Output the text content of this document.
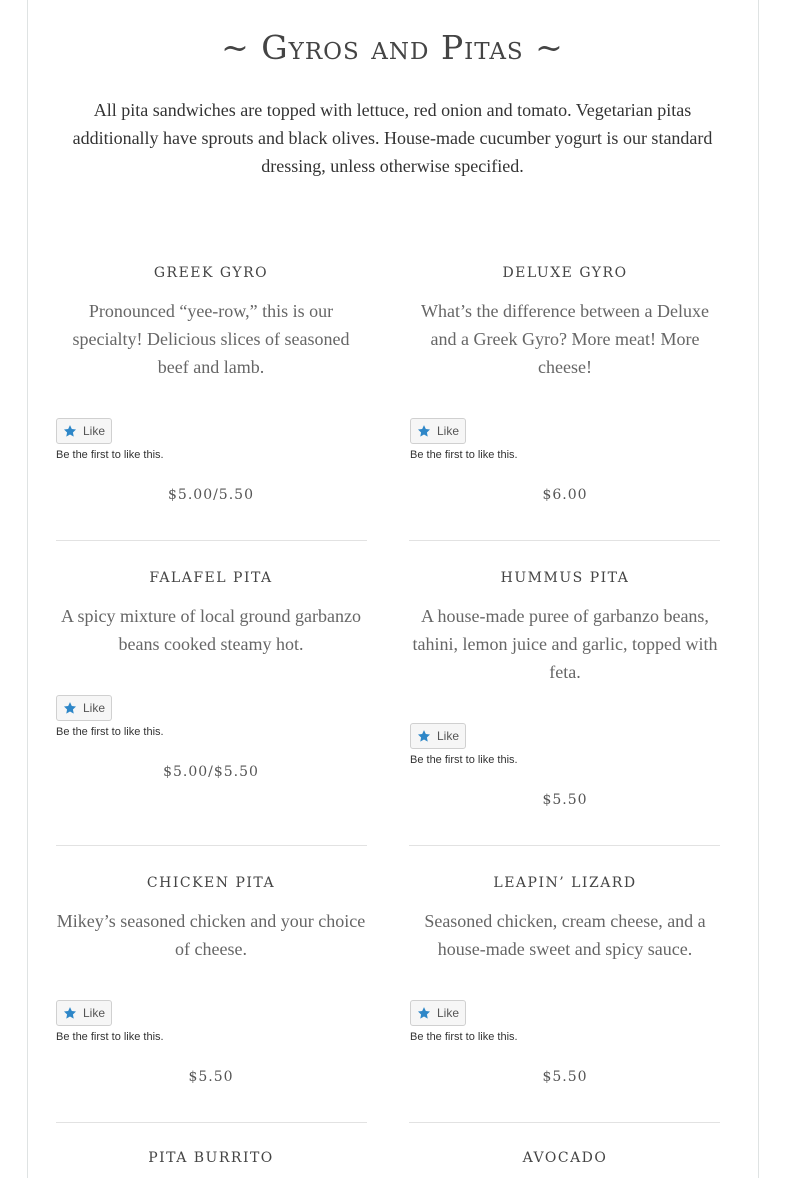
~ Gyros and Pitas ~

All pita sandwiches are topped with lettuce, red onion and tomato. Vegetarian pitas additionally have sprouts and black olives. House-made cucumber yogurt is our standard dressing, unless otherwise specified.

GREEK GYRO
Pronounced “yee-row,” this is our specialty! Delicious slices of seasoned beef and lamb.
Like
Be the first to like this.
$5.00/5.50
DELUXE GYRO
What’s the difference between a Deluxe and a Greek Gyro? More meat! More cheese!
Like
Be the first to like this.
$6.00
FALAFEL PITA
A spicy mixture of local ground garbanzo beans cooked steamy hot.
Like
Be the first to like this.
$5.00/$5.50
HUMMUS PITA
A house-made puree of garbanzo beans, tahini, lemon juice and garlic, topped with feta.
Like
Be the first to like this.
$5.50
CHICKEN PITA
Mikey’s seasoned chicken and your choice of cheese.
Like
Be the first to like this.
$5.50
LEAPIN’ LIZARD
Seasoned chicken, cream cheese, and a house-made sweet and spicy sauce.
Like
Be the first to like this.
$5.50
PITA BURRITO	AVOCADO
